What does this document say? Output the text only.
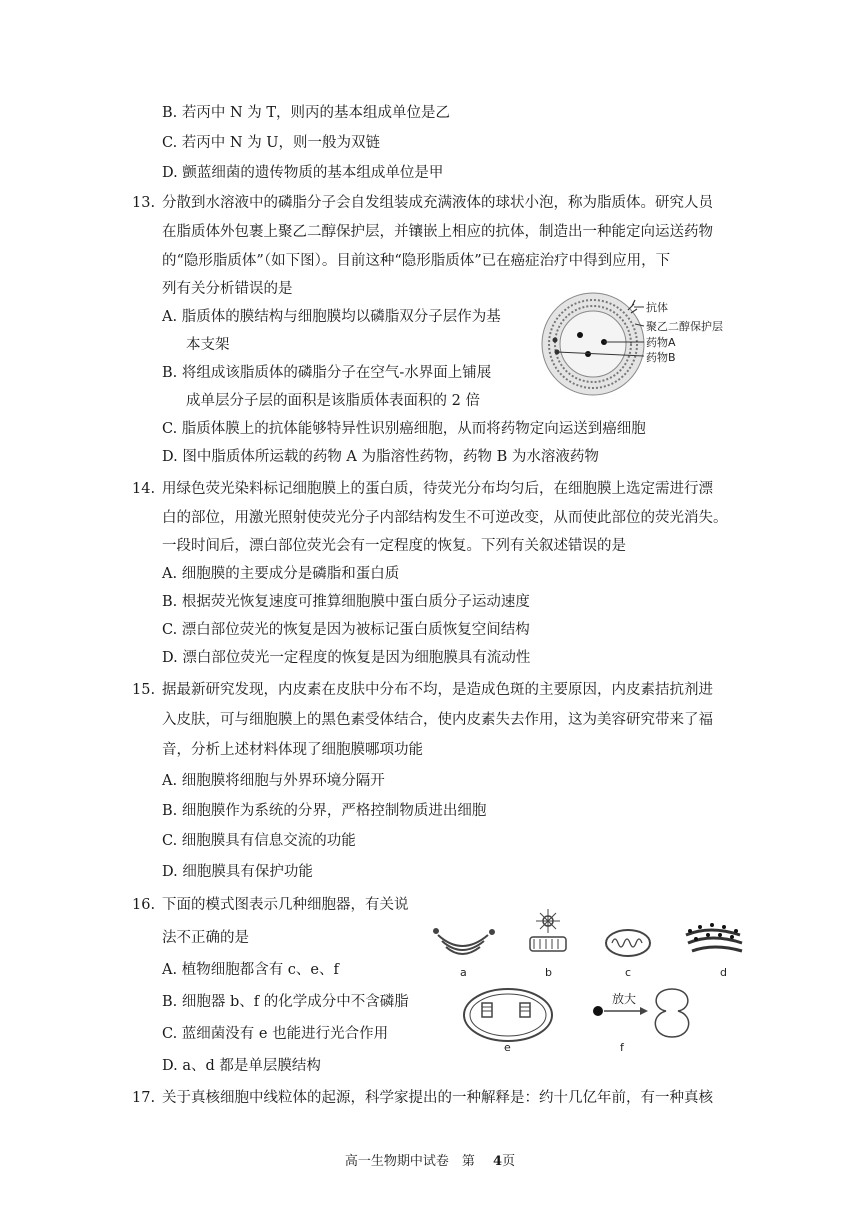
B. 若丙中 N 为 T，则丙的基本组成单位是乙
C. 若丙中 N 为 U，则一般为双链
D. 颤蓝细菌的遗传物质的基本组成单位是甲
13. 分散到水溶液中的磷脂分子会自发组装成充满液体的球状小泡，称为脂质体。研究人员
在脂质体外包裹上聚乙二醇保护层，并镶嵌上相应的抗体，制造出一种能定向运送药物
的“隐形脂质体”（如下图）。目前这种“隐形脂质体”已在癌症治疗中得到应用，下
列有关分析错误的是
A. 脂质体的膜结构与细胞膜均以磷脂双分子层作为基
本支架
B. 将组成该脂质体的磷脂分子在空气-水界面上铺展
成单层分子层的面积是该脂质体表面积的 2 倍
C. 脂质体膜上的抗体能够特异性识别癌细胞，从而将药物定向运送到癌细胞
D. 图中脂质体所运载的药物 A 为脂溶性药物，药物 B 为水溶液药物
抗体
聚乙二醇保护层
药物A
药物B
14. 用绿色荧光染料标记细胞膜上的蛋白质，待荧光分布均匀后，在细胞膜上选定需进行漂
白的部位，用激光照射使荧光分子内部结构发生不可逆改变，从而使此部位的荧光消失。
一段时间后，漂白部位荧光会有一定程度的恢复。下列有关叙述错误的是
A. 细胞膜的主要成分是磷脂和蛋白质
B. 根据荧光恢复速度可推算细胞膜中蛋白质分子运动速度
C. 漂白部位荧光的恢复是因为被标记蛋白质恢复空间结构
D. 漂白部位荧光一定程度的恢复是因为细胞膜具有流动性
15. 据最新研究发现，内皮素在皮肤中分布不均，是造成色斑的主要原因，内皮素拮抗剂进
入皮肤，可与细胞膜上的黑色素受体结合，使内皮素失去作用，这为美容研究带来了福
音，分析上述材料体现了细胞膜哪项功能
A. 细胞膜将细胞与外界环境分隔开
B. 细胞膜作为系统的分界，严格控制物质进出细胞
C. 细胞膜具有信息交流的功能
D. 细胞膜具有保护功能
16. 下面的模式图表示几种细胞器，有关说
法不正确的是
A. 植物细胞都含有 c、e、f
B. 细胞器 b、f 的化学成分中不含磷脂
C. 蓝细菌没有 e 也能进行光合作用
D. a、d 都是单层膜结构
a	b	c	d
e
放大
f
17. 关于真核细胞中线粒体的起源，科学家提出的一种解释是：约十几亿年前，有一种真核
高一生物期中试卷　第 4页
